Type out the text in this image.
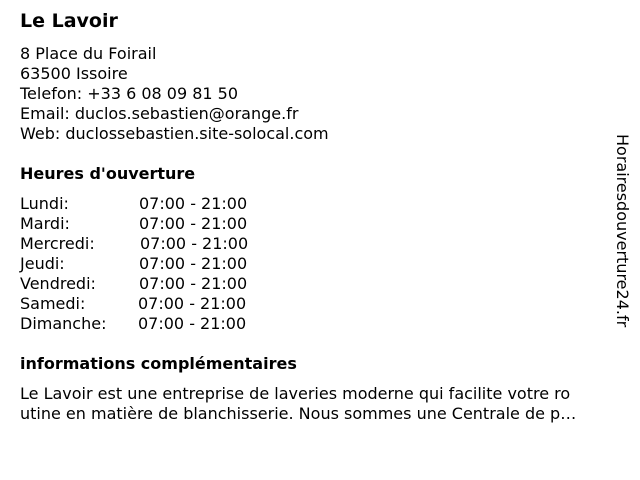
Le Lavoir
8 Place du Foirail
63500 Issoire
Telefon: +33 6 08 09 81 50
Email: duclos.sebastien@orange.fr
Web: duclossebastien.site-solocal.com
Heures d'ouverture
Lundi:	07:00 - 21:00
Mardi:	07:00 - 21:00
Mercredi:	07:00 - 21:00
Jeudi:	07:00 - 21:00
Vendredi:	07:00 - 21:00
Samedi:	07:00 - 21:00
Dimanche: 07:00 - 21:00
informations complémentaires
Le Lavoir est une entreprise de laveries moderne qui facilite votre ro
utine en matière de blanchisserie. Nous sommes une Centrale de p…
Horairesdouverture24.fr
